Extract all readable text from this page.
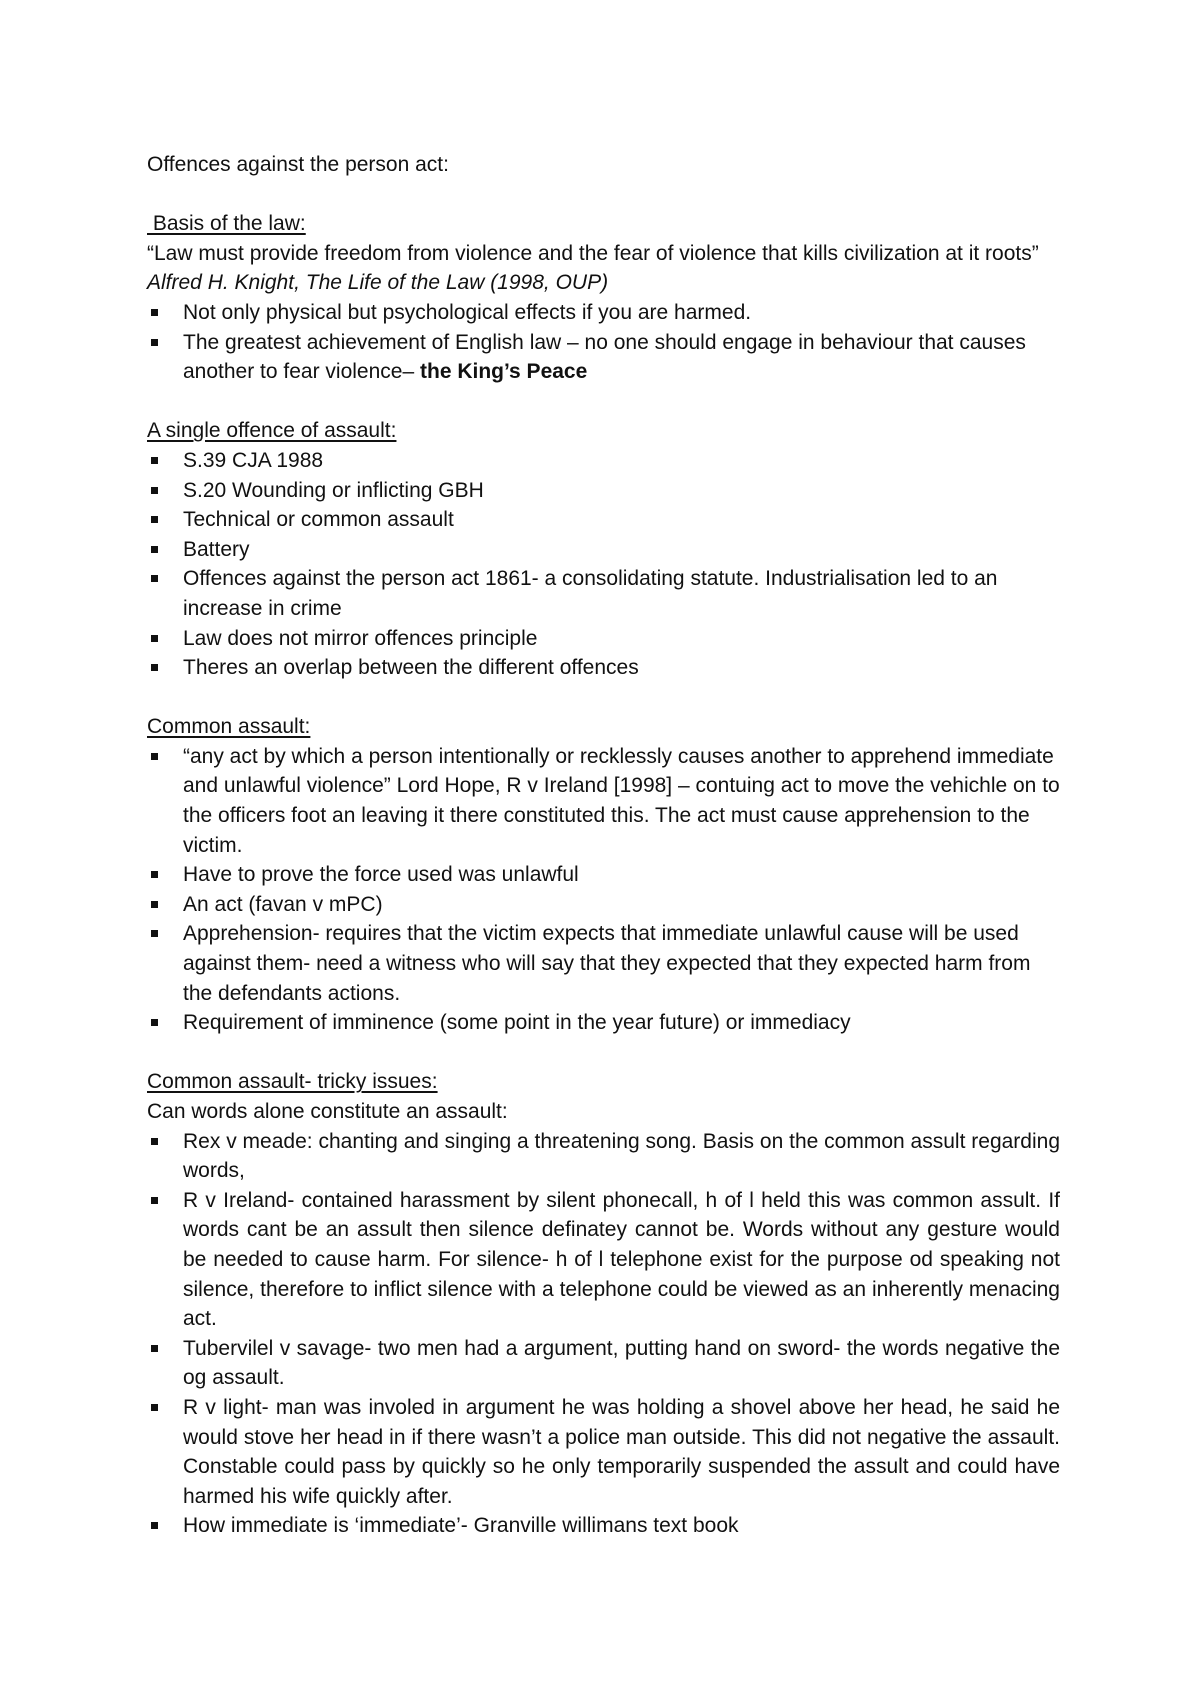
Offences against the person act:

Basis of the law:

“Law must provide freedom from violence and the fear of violence that kills civilization at it roots” Alfred H. Knight, The Life of the Law (1998, OUP)

Not only physical but psychological effects if you are harmed.
The greatest achievement of English law – no one should engage in behaviour that causes another to fear violence– the King’s Peace

A single offence of assault:

S.39 CJA 1988
S.20 Wounding or inflicting GBH
Technical or common assault
Battery
Offences against the person act 1861- a consolidating statute. Industrialisation led to an increase in crime
Law does not mirror offences principle
Theres an overlap between the different offences

Common assault:

“any act by which a person intentionally or recklessly causes another to apprehend immediate and unlawful violence” Lord Hope, R v Ireland [1998] – contuing act to move the vehichle on to the officers foot an leaving it there constituted this. The act must cause apprehension to the victim.
Have to prove the force used was unlawful
An act (favan v mPC)
Apprehension- requires that the victim expects that immediate unlawful cause will be used against them- need a witness who will say that they expected that they expected harm from the defendants actions.
Requirement of imminence (some point in the year future) or immediacy

Common assault- tricky issues:

Can words alone constitute an assault:

Rex v meade: chanting and singing a threatening song. Basis on the common assult regarding words,
R v Ireland- contained harassment by silent phonecall, h of l held this was common assult. If words cant be an assult then silence definatey cannot be. Words without any gesture would be needed to cause harm. For silence- h of l telephone exist for the purpose od speaking not silence, therefore to inflict silence with a telephone could be viewed as an inherently menacing act.
Tubervilel v savage- two men had a argument, putting hand on sword- the words negative the og assault.
R v light- man was involed in argument he was holding a shovel above her head, he said he would stove her head in if there wasn’t a police man outside. This did not negative the assault. Constable could pass by quickly so he only temporarily suspended the assult and could have harmed his wife quickly after.
How immediate is ‘immediate’- Granville willimans text book
